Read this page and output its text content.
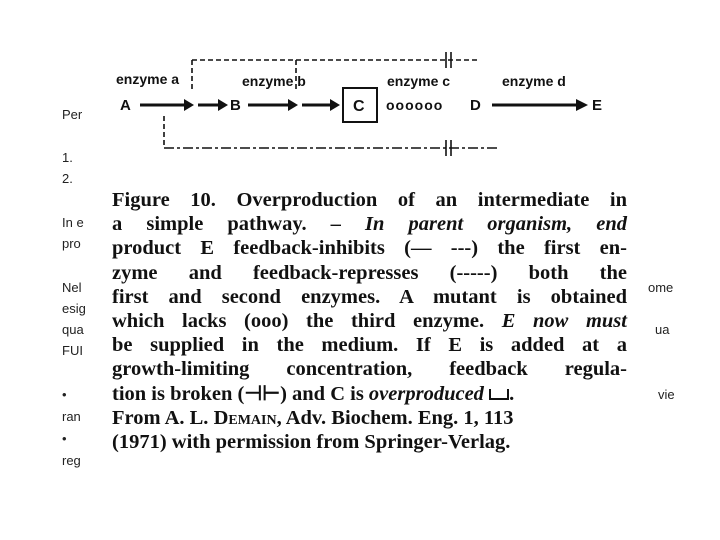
Per
1.
2.
In e
pro
Nel	ome
esig
qua	ua
FUI
•	vie
ran
•
reg
enzyme a	enzyme b	enzyme c	enzyme d
A	B	C oooooo D	E
Figure 10. Overproduction of an intermediate in
a simple pathway. – In parent organism, end
product E feedback-inhibits (— ---) the first en-
zyme and feedback-represses (-----) both the
first and second enzymes. A mutant is obtained
which lacks (ooo) the third enzyme. E now must
be supplied in the medium. If E is added at a
growth-limiting concentration, feedback regula-
tion is broken (⊣⊢) and C is overproduced .
From A. L. Demain, Adv. Biochem. Eng. 1, 113
(1971) with permission from Springer-Verlag.
